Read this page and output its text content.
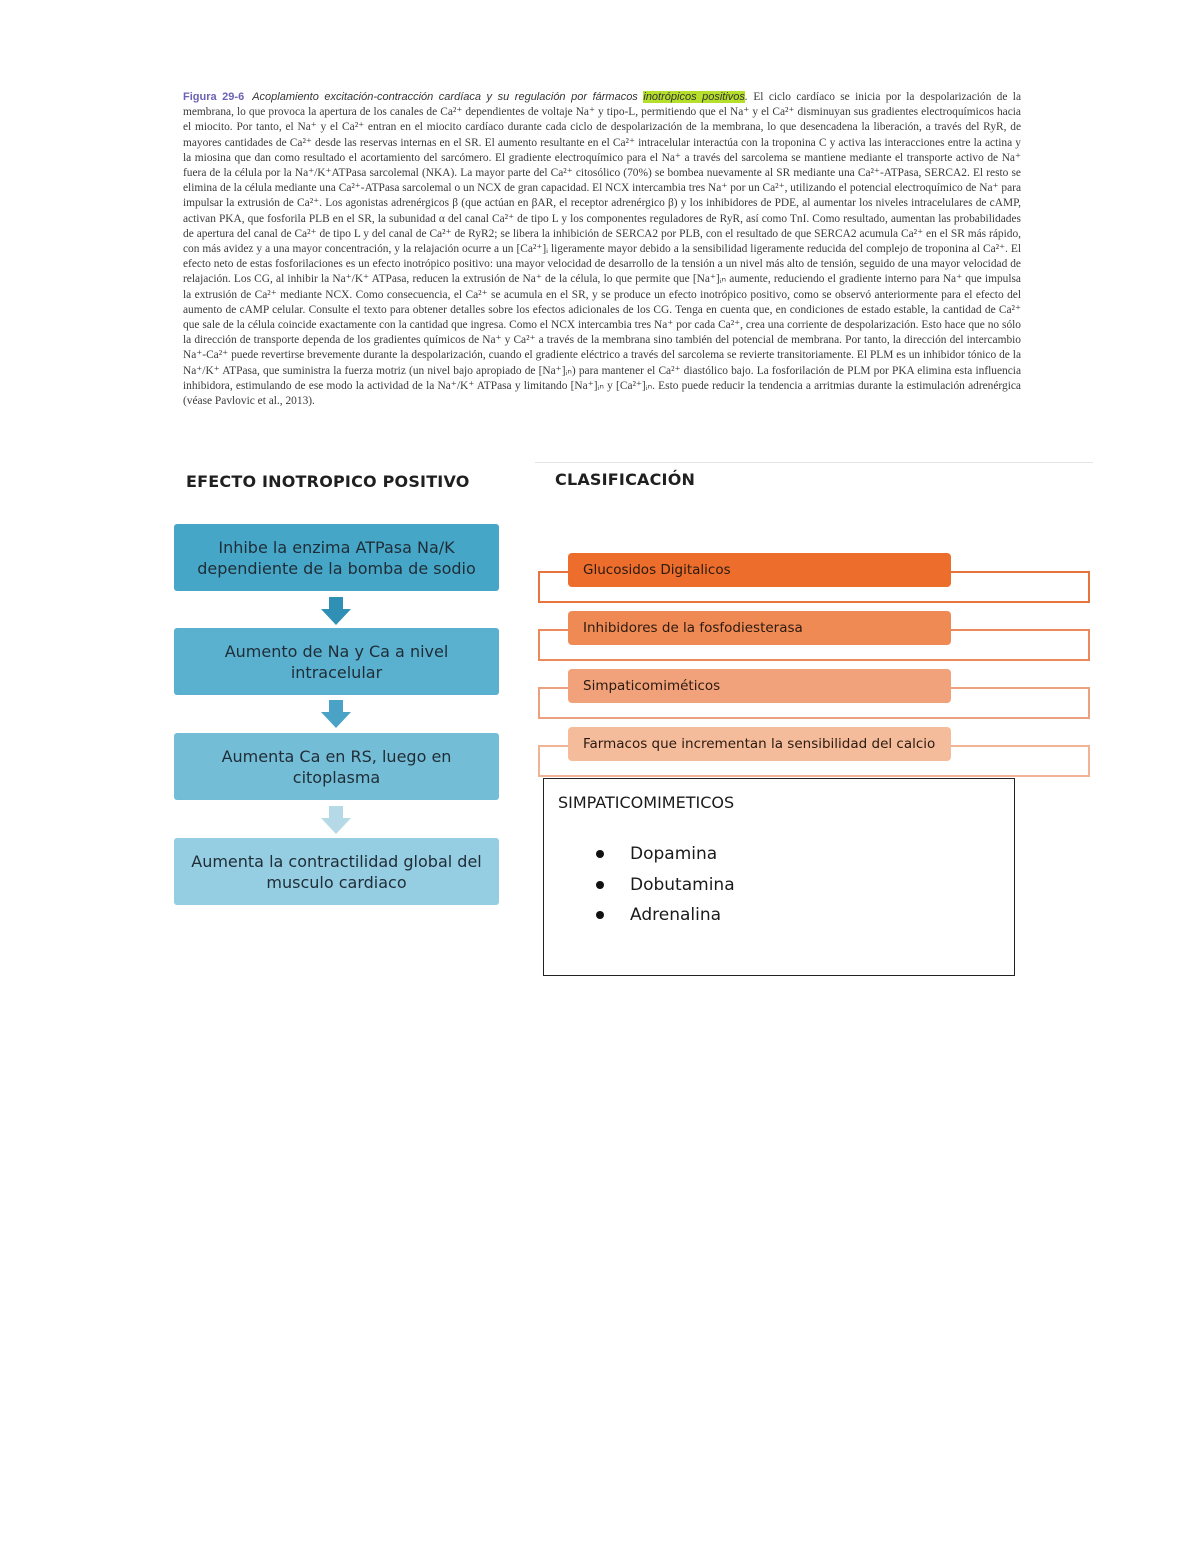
Figura 29-6 Acoplamiento excitación-contracción cardíaca y su regulación por fármacos inotrópicos positivos. El ciclo cardíaco se inicia por la despolarización de la membrana, lo que provoca la apertura de los canales de Ca²⁺ dependientes de voltaje Na⁺ y tipo-L, permitiendo que el Na⁺ y el Ca²⁺ disminuyan sus gradientes electroquímicos hacia el miocito. Por tanto, el Na⁺ y el Ca²⁺ entran en el miocito cardíaco durante cada ciclo de despolarización de la membrana, lo que desencadena la liberación, a través del RyR, de mayores cantidades de Ca²⁺ desde las reservas internas en el SR. El aumento resultante en el Ca²⁺ intracelular interactúa con la troponina C y activa las interacciones entre la actina y la miosina que dan como resultado el acortamiento del sarcómero. El gradiente electroquímico para el Na⁺ a través del sarcolema se mantiene mediante el transporte activo de Na⁺ fuera de la célula por la Na⁺/K⁺ATPasa sarcolemal (NKA). La mayor parte del Ca²⁺ citosólico (70%) se bombea nuevamente al SR mediante una Ca²⁺-ATPasa, SERCA2. El resto se elimina de la célula mediante una Ca²⁺-ATPasa sarcolemal o un NCX de gran capacidad. El NCX intercambia tres Na⁺ por un Ca²⁺, utilizando el potencial electroquímico de Na⁺ para impulsar la extrusión de Ca²⁺. Los agonistas adrenérgicos β (que actúan en βAR, el receptor adrenérgico β) y los inhibidores de PDE, al aumentar los niveles intracelulares de cAMP, activan PKA, que fosforila PLB en el SR, la subunidad α del canal Ca²⁺ de tipo L y los componentes reguladores de RyR, así como TnI. Como resultado, aumentan las probabilidades de apertura del canal de Ca²⁺ de tipo L y del canal de Ca²⁺ de RyR2; se libera la inhibición de SERCA2 por PLB, con el resultado de que SERCA2 acumula Ca²⁺ en el SR más rápido, con más avidez y a una mayor concentración, y la relajación ocurre a un [Ca²⁺]ᵢ ligeramente mayor debido a la sensibilidad ligeramente reducida del complejo de troponina al Ca²⁺. El efecto neto de estas fosforilaciones es un efecto inotrópico positivo: una mayor velocidad de desarrollo de la tensión a un nivel más alto de tensión, seguido de una mayor velocidad de relajación. Los CG, al inhibir la Na⁺/K⁺ ATPasa, reducen la extrusión de Na⁺ de la célula, lo que permite que [Na⁺]ᵢₙ aumente, reduciendo el gradiente interno para Na⁺ que impulsa la extrusión de Ca²⁺ mediante NCX. Como consecuencia, el Ca²⁺ se acumula en el SR, y se produce un efecto inotrópico positivo, como se observó anteriormente para el efecto del aumento de cAMP celular. Consulte el texto para obtener detalles sobre los efectos adicionales de los CG. Tenga en cuenta que, en condiciones de estado estable, la cantidad de Ca²⁺ que sale de la célula coincide exactamente con la cantidad que ingresa. Como el NCX intercambia tres Na⁺ por cada Ca²⁺, crea una corriente de despolarización. Esto hace que no sólo la dirección de transporte dependa de los gradientes químicos de Na⁺ y Ca²⁺ a través de la membrana sino también del potencial de membrana. Por tanto, la dirección del intercambio Na⁺-Ca²⁺ puede revertirse brevemente durante la despolarización, cuando el gradiente eléctrico a través del sarcolema se revierte transitoriamente. El PLM es un inhibidor tónico de la Na⁺/K⁺ ATPasa, que suministra la fuerza motriz (un nivel bajo apropiado de [Na⁺]ᵢₙ) para mantener el Ca²⁺ diastólico bajo. La fosforilación de PLM por PKA elimina esta influencia inhibidora, estimulando de ese modo la actividad de la Na⁺/K⁺ ATPasa y limitando [Na⁺]ᵢₙ y [Ca²⁺]ᵢₙ. Esto puede reducir la tendencia a arritmias durante la estimulación adrenérgica (véase Pavlovic et al., 2013).
EFECTO INOTROPICO POSITIVO
Inhibe la enzima ATPasa Na/K dependiente de la bomba de sodio
Aumento de Na y Ca a nivel intracelular
Aumenta Ca en RS, luego en citoplasma
Aumenta la contractilidad global del musculo cardiaco
CLASIFICACIÓN
Glucosidos Digitalicos
Inhibidores de la fosfodiesterasa
Simpaticomiméticos
Farmacos que incrementan la sensibilidad del calcio
SIMPATICOMIMETICOS
Dopamina
Dobutamina
Adrenalina
